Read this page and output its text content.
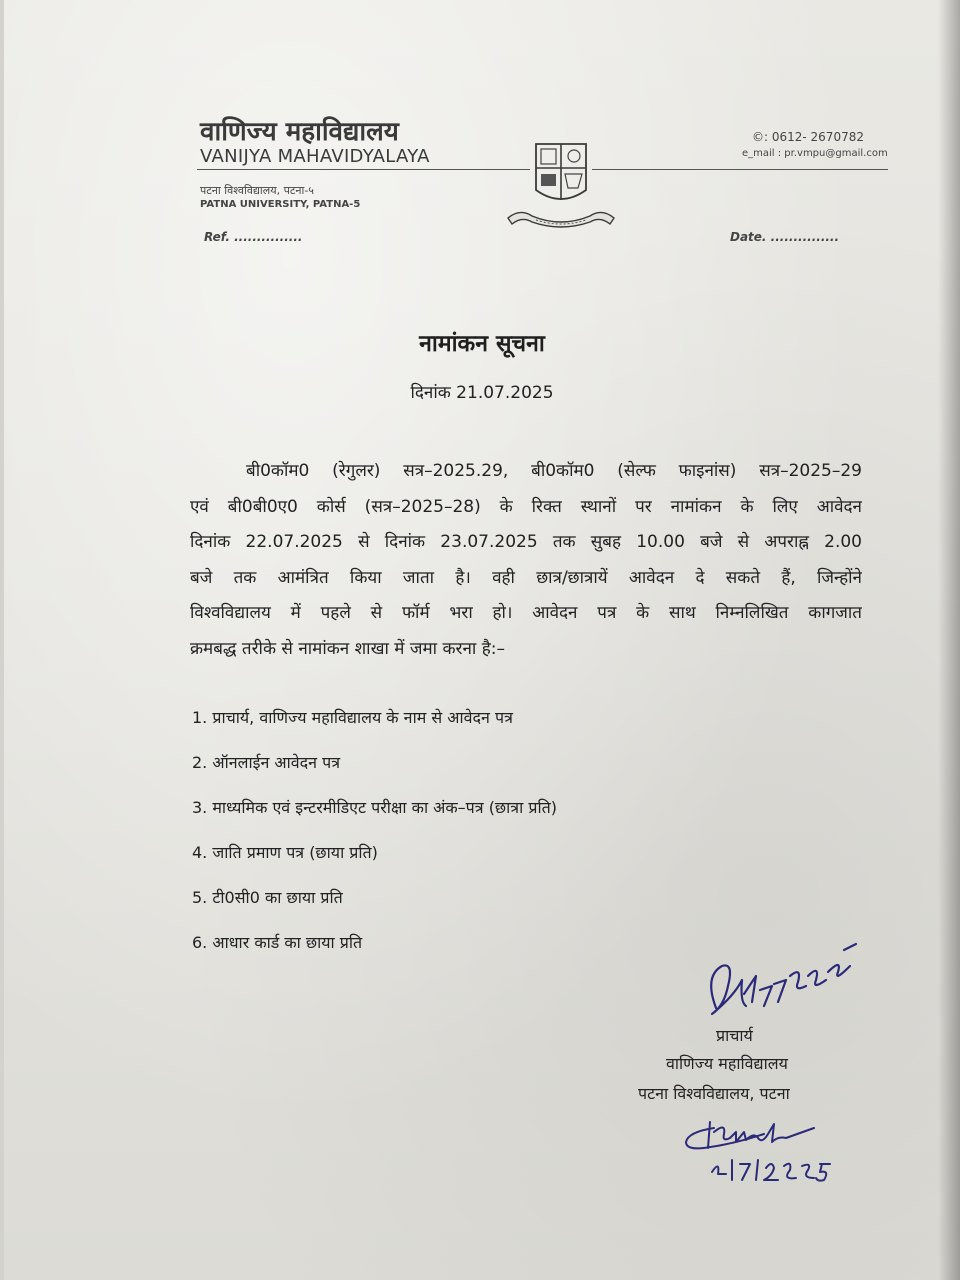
वाणिज्य महाविद्यालय
VANIJYA MAHAVIDYALAYA
©: 0612- 2670782
e_mail : pr.vmpu@gmail.com
पटना विश्वविद्यालय, पटना-५
PATNA UNIVERSITY, PATNA-5
Ref. ...............	Date. ...............
नामांकन सूचना
दिनांक 21.07.2025
बी0कॉम0 (रेगुलर) सत्र–2025.29, बी0कॉम0 (सेल्फ फाइनांस) सत्र–2025–29
एवं बी0बी0ए0 कोर्स (सत्र–2025–28) के रिक्त स्थानों पर नामांकन के लिए आवेदन
दिनांक 22.07.2025 से दिनांक 23.07.2025 तक सुबह 10.00 बजे से अपराह्न 2.00
बजे तक आमंत्रित किया जाता है। वही छात्र/छात्रायें आवेदन दे सकते हैं, जिन्होंने
विश्वविद्यालय में पहले से फॉर्म भरा हो। आवेदन पत्र के साथ निम्नलिखित कागजात
क्रमबद्ध तरीके से नामांकन शाखा में जमा करना है:–
1. प्राचार्य, वाणिज्य महाविद्यालय के नाम से आवेदन पत्र
2. ऑनलाईन आवेदन पत्र
3. माध्यमिक एवं इन्टरमीडिएट परीक्षा का अंक–पत्र (छात्रा प्रति)
4. जाति प्रमाण पत्र (छाया प्रति)
5. टी0सी0 का छाया प्रति
6. आधार कार्ड का छाया प्रति
प्राचार्य
वाणिज्य महाविद्यालय
पटना विश्वविद्यालय, पटना
